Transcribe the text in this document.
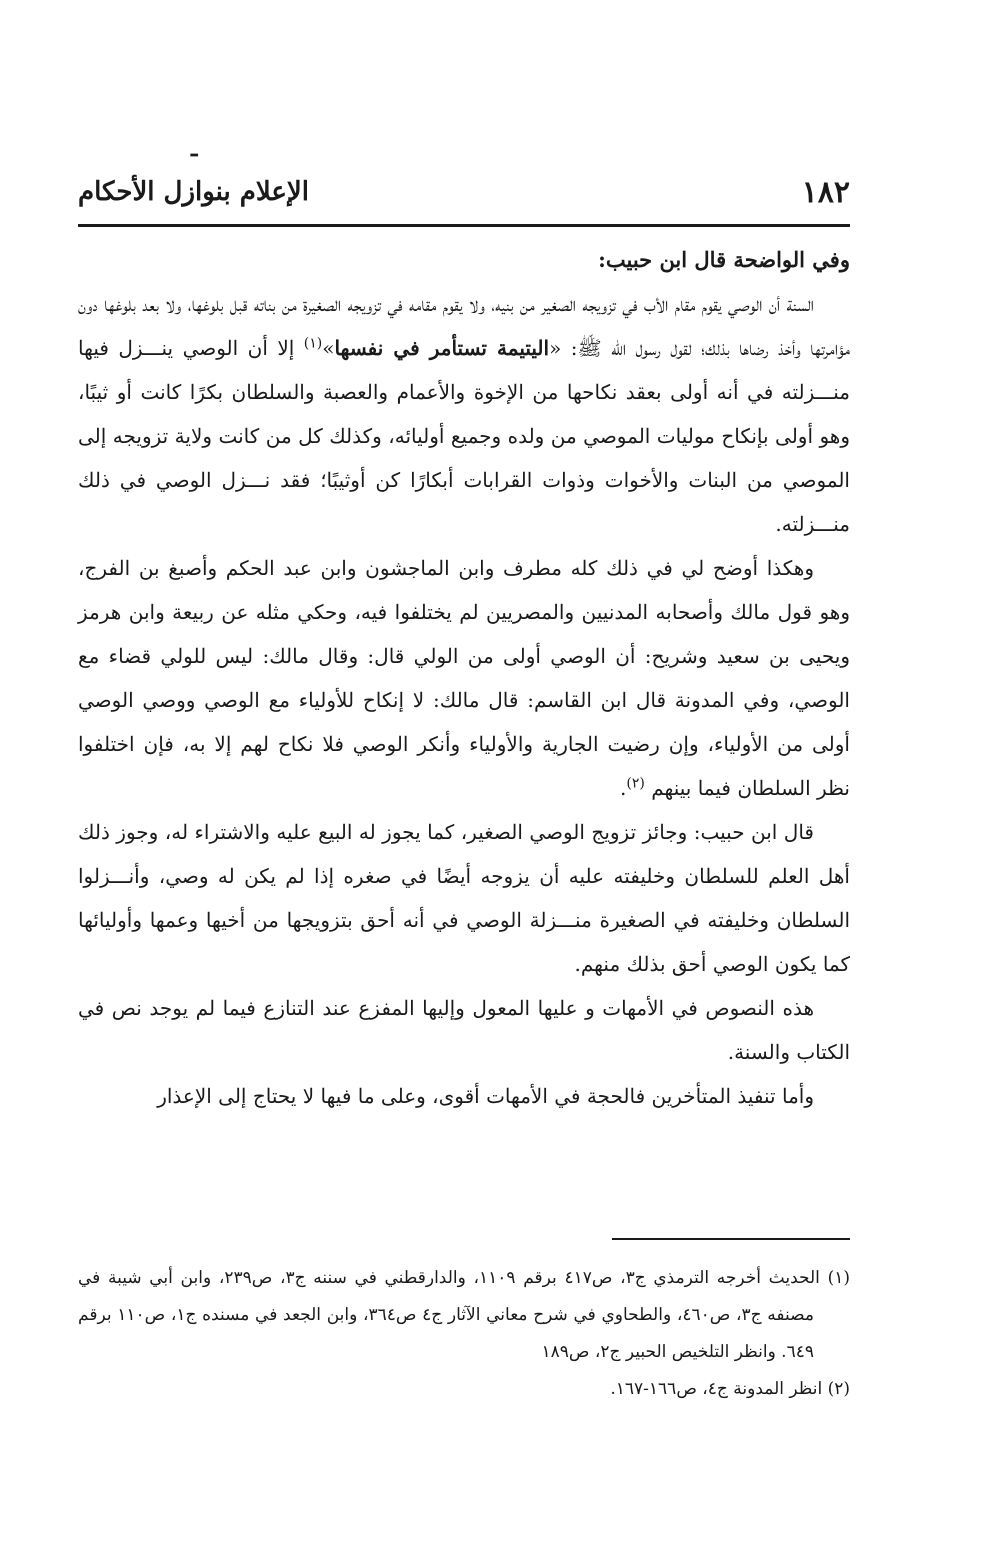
ـ
١٨٢
الإعلام بنوازل الأحكام

وفي الواضحة قال ابن حبيب:

السنة أن الوصي يقوم مقام الأب في تزويجه الصغير من بنيه، ولا يقوم مقامه في تزويجه الصغيرة من بناته قبل بلوغها، ولا بعد بلوغها دون مؤامرتها وأخذ رضاها بذلك؛ لقول رسول الله ﷺ: «اليتيمة تستأمر في نفسها»$^{(١)}$ إلا أن الوصي ينـــزل فيها منـــزلته في أنه أولى بعقد نكاحها من الإخوة والأعمام والعصبة والسلطان بكرًا كانت أو ثيبًا، وهو أولى بإنكاح موليات الموصي من ولده وجميع أوليائه، وكذلك كل من كانت ولاية تزويجه إلى الموصي من البنات والأخوات وذوات القرابات أبكارًا كن أوثيبًا؛ فقد نـــزل الوصي في ذلك منـــزلته.

وهكذا أوضح لي في ذلك كله مطرف وابن الماجشون وابن عبد الحكم وأصبغ بن الفرج، وهو قول مالك وأصحابه المدنيين والمصريين لم يختلفوا فيه، وحكي مثله عن ربيعة وابن هرمز ويحيى بن سعيد وشريح: أن الوصي أولى من الولي قال: وقال مالك: ليس للولي قضاء مع الوصي، وفي المدونة قال ابن القاسم: قال مالك: لا إنكاح للأولياء مع الوصي ووصي الوصي أولى من الأولياء، وإن رضيت الجارية والأولياء وأنكر الوصي فلا نكاح لهم إلا به، فإن اختلفوا نظر السلطان فيما بينهم $^{(٢)}$.

قال ابن حبيب: وجائز تزويج الوصي الصغير، كما يجوز له البيع عليه والاشتراء له، وجوز ذلك أهل العلم للسلطان وخليفته عليه أن يزوجه أيضًا في صغره إذا لم يكن له وصي، وأنـــزلوا السلطان وخليفته في الصغيرة منـــزلة الوصي في أنه أحق بتزويجها من أخيها وعمها وأوليائها كما يكون الوصي أحق بذلك منهم.

هذه النصوص في الأمهات و عليها المعول وإليها المفزع عند التنازع فيما لم يوجد نص في الكتاب والسنة.

وأما تنفيذ المتأخرين فالحجة في الأمهات أقوى، وعلى ما فيها لا يحتاج إلى الإعذار

(١) الحديث أخرجه الترمذي ج٣، ص٤١٧ برقم ١١٠٩، والدارقطني في سننه ج٣، ص٢٣٩، وابن أبي شيبة في مصنفه ج٣، ص٤٦٠، والطحاوي في شرح معاني الآثار ج٤ ص٣٦٤، وابن الجعد في مسنده ج١، ص١١٠ برقم ٦٤٩. وانظر التلخيص الحبير ج٢، ص١٨٩

(٢) انظر المدونة ج٤، ص١٦٦-١٦٧.
